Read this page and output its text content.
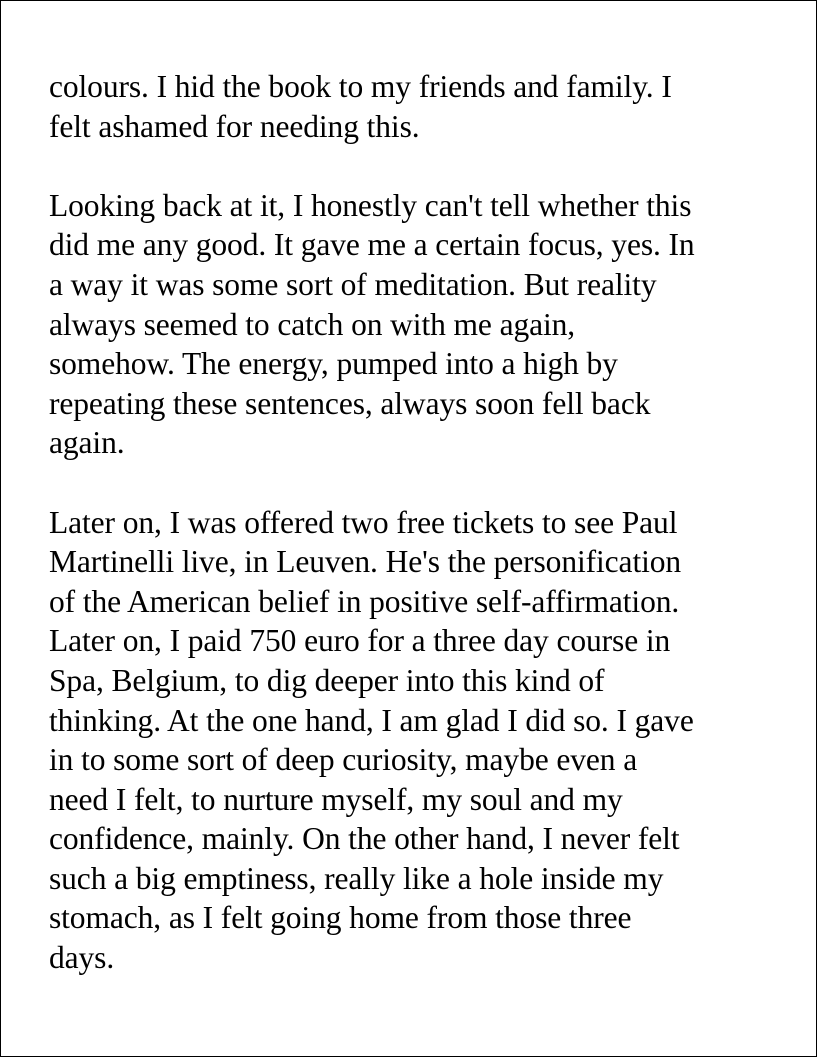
colours. I hid the book to my friends and family. I
felt ashamed for needing this.
Looking back at it, I honestly can't tell whether this
did me any good. It gave me a certain focus, yes. In
a way it was some sort of meditation. But reality
always seemed to catch on with me again,
somehow. The energy, pumped into a high by
repeating these sentences, always soon fell back
again.
Later on, I was offered two free tickets to see Paul
Martinelli live, in Leuven. He's the personification
of the American belief in positive self-affirmation.
Later on, I paid 750 euro for a three day course in
Spa, Belgium, to dig deeper into this kind of
thinking. At the one hand, I am glad I did so. I gave
in to some sort of deep curiosity, maybe even a
need I felt, to nurture myself, my soul and my
confidence, mainly. On the other hand, I never felt
such a big emptiness, really like a hole inside my
stomach, as I felt going home from those three
days.
